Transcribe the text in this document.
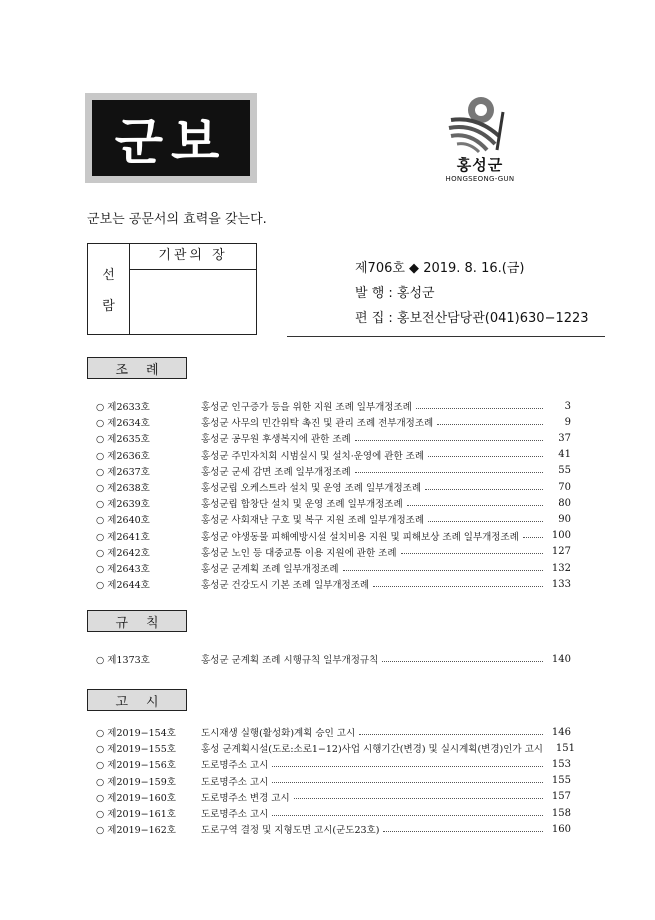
군보	홍성군
HONGSEONG-GUN
군보는 공문서의 효력을 갖는다.
선
람
기관의 장
제706호 ◆ 2019. 8. 16.(금)
발 행 : 홍성군
편 집 : 홍보전산담당관(041)630−1223
조례
○ 제2633호	홍성군 인구증가 등을 위한 지원 조례 일부개정조례	3
○ 제2634호	홍성군 사무의 민간위탁 촉진 및 관리 조례 전부개정조례	9
○ 제2635호	홍성군 공무원 후생복지에 관한 조례	37
○ 제2636호	홍성군 주민자치회 시범실시 및 설치·운영에 관한 조례	41
○ 제2637호	홍성군 군세 감면 조례 일부개정조례	55
○ 제2638호	홍성군립 오케스트라 설치 및 운영 조례 일부개정조례	70
○ 제2639호	홍성군립 합창단 설치 및 운영 조례 일부개정조례	80
○ 제2640호	홍성군 사회재난 구호 및 복구 지원 조례 일부개정조례	90
○ 제2641호	홍성군 야생동물 피해예방시설 설치비용 지원 및 피해보상 조례 일부개정조례	100
○ 제2642호	홍성군 노인 등 대중교통 이용 지원에 관한 조례	127
○ 제2643호	홍성군 군계획 조례 일부개정조례	132
○ 제2644호	홍성군 건강도시 기본 조례 일부개정조례	133
규칙
○ 제1373호	홍성군 군계획 조례 시행규칙 일부개정규칙	140
고시
○ 제2019−154호	도시재생 실행(활성화)계획 승인 고시	146
○ 제2019−155호	홍성 군계획시설(도로:소로1−12)사업 시행기간(변경) 및 실시계획(변경)인가 고시	151
○ 제2019−156호	도로명주소 고시	153
○ 제2019−159호	도로명주소 고시	155
○ 제2019−160호	도로명주소 변경 고시	157
○ 제2019−161호	도로명주소 고시	158
○ 제2019−162호	도로구역 결정 및 지형도면 고시(군도23호)	160
